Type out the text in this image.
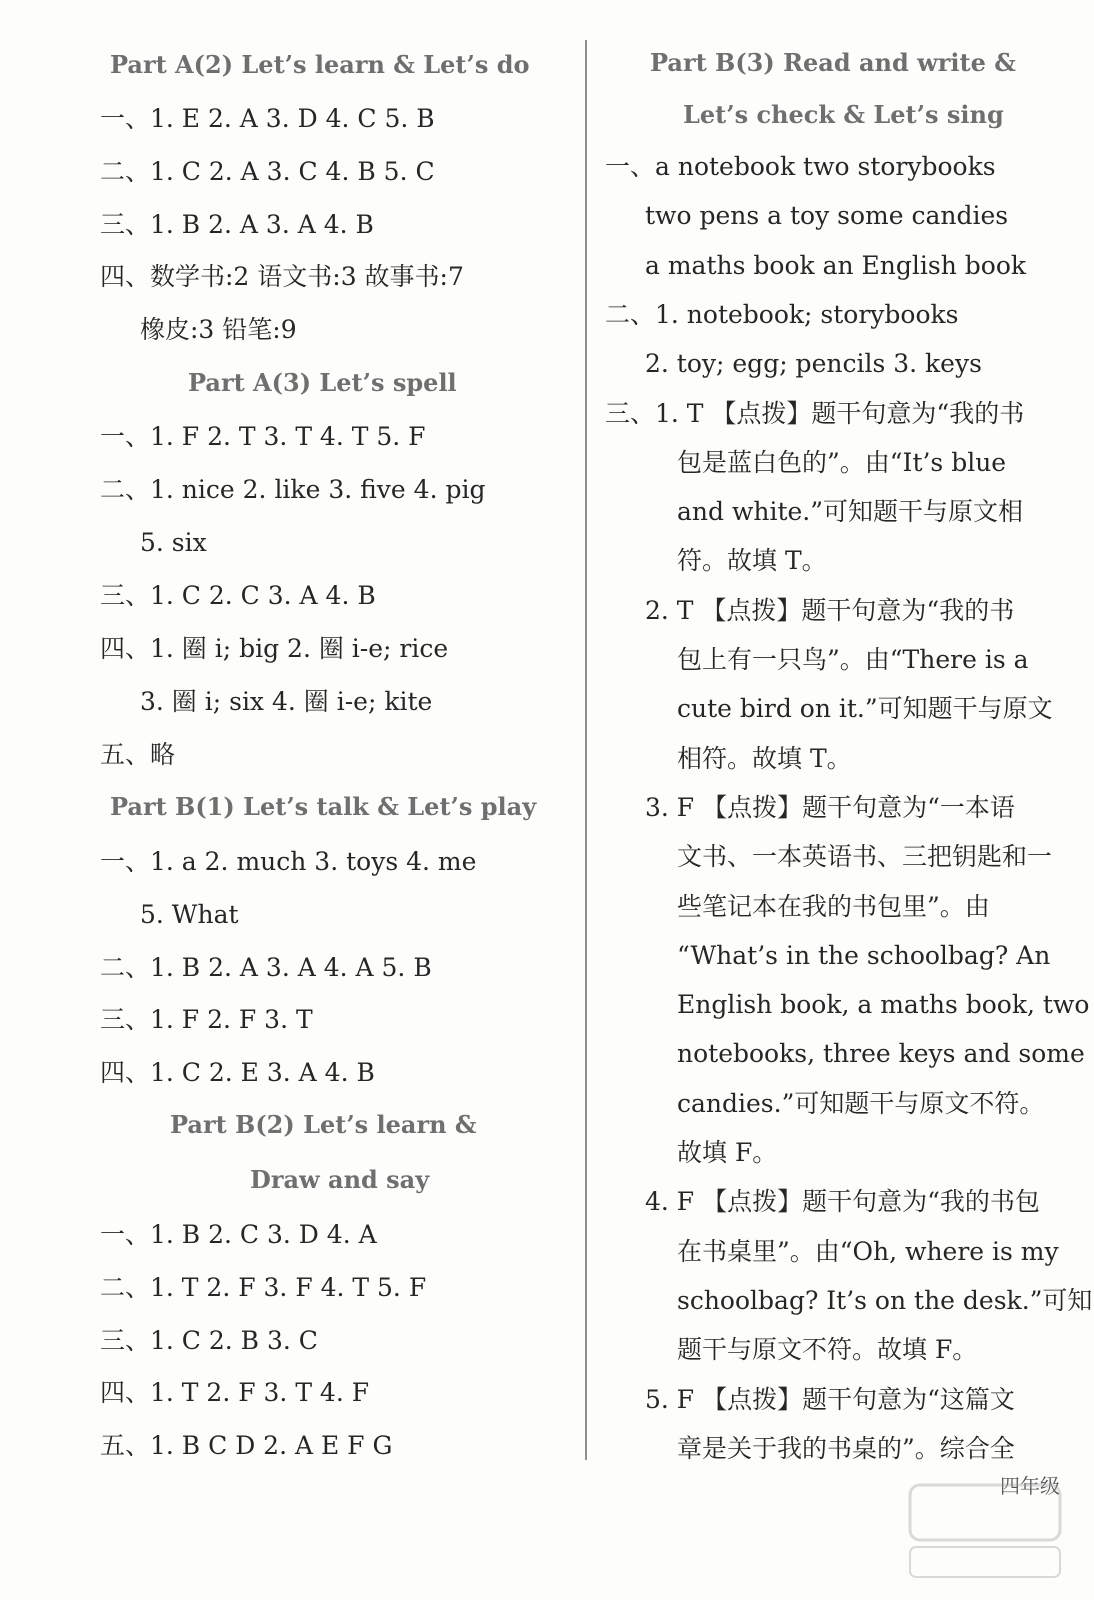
Part A(2) Let’s learn & Let’s do
一、1. E 2. A 3. D 4. C 5. B
二、1. C 2. A 3. C 4. B 5. C
三、1. B 2. A 3. A 4. B
四、数学书:2 语文书:3 故事书:7
橡皮:3 铅笔:9
Part A(3) Let’s spell
一、1. F 2. T 3. T 4. T 5. F
二、1. nice 2. like 3. five 4. pig
5. six
三、1. C 2. C 3. A 4. B
四、1. 圈 i; big 2. 圈 i-e; rice
3. 圈 i; six 4. 圈 i-e; kite
五、略
Part B(1) Let’s talk & Let’s play
一、1. a 2. much 3. toys 4. me
5. What
二、1. B 2. A 3. A 4. A 5. B
三、1. F 2. F 3. T
四、1. C 2. E 3. A 4. B
Part B(2) Let’s learn &
Draw and say
一、1. B 2. C 3. D 4. A
二、1. T 2. F 3. F 4. T 5. F
三、1. C 2. B 3. C
四、1. T 2. F 3. T 4. F
五、1. B C D 2. A E F G
Part B(3) Read and write &
Let’s check & Let’s sing
一、a notebook two storybooks
two pens a toy some candies
a maths book an English book
二、1. notebook; storybooks
2. toy; egg; pencils 3. keys
三、1. T 【点拨】题干句意为“我的书
包是蓝白色的”。由“It’s blue
and white.”可知题干与原文相
符。故填 T。
2. T 【点拨】题干句意为“我的书
包上有一只鸟”。由“There is a
cute bird on it.”可知题干与原文
相符。故填 T。
3. F 【点拨】题干句意为“一本语
文书、一本英语书、三把钥匙和一
些笔记本在我的书包里”。由
“What’s in the schoolbag? An
English book, a maths book, two
notebooks, three keys and some
candies.”可知题干与原文不符。
故填 F。
4. F 【点拨】题干句意为“我的书包
在书桌里”。由“Oh, where is my
schoolbag? It’s on the desk.”可知
题干与原文不符。故填 F。
5. F 【点拨】题干句意为“这篇文
章是关于我的书桌的”。综合全
四年级
